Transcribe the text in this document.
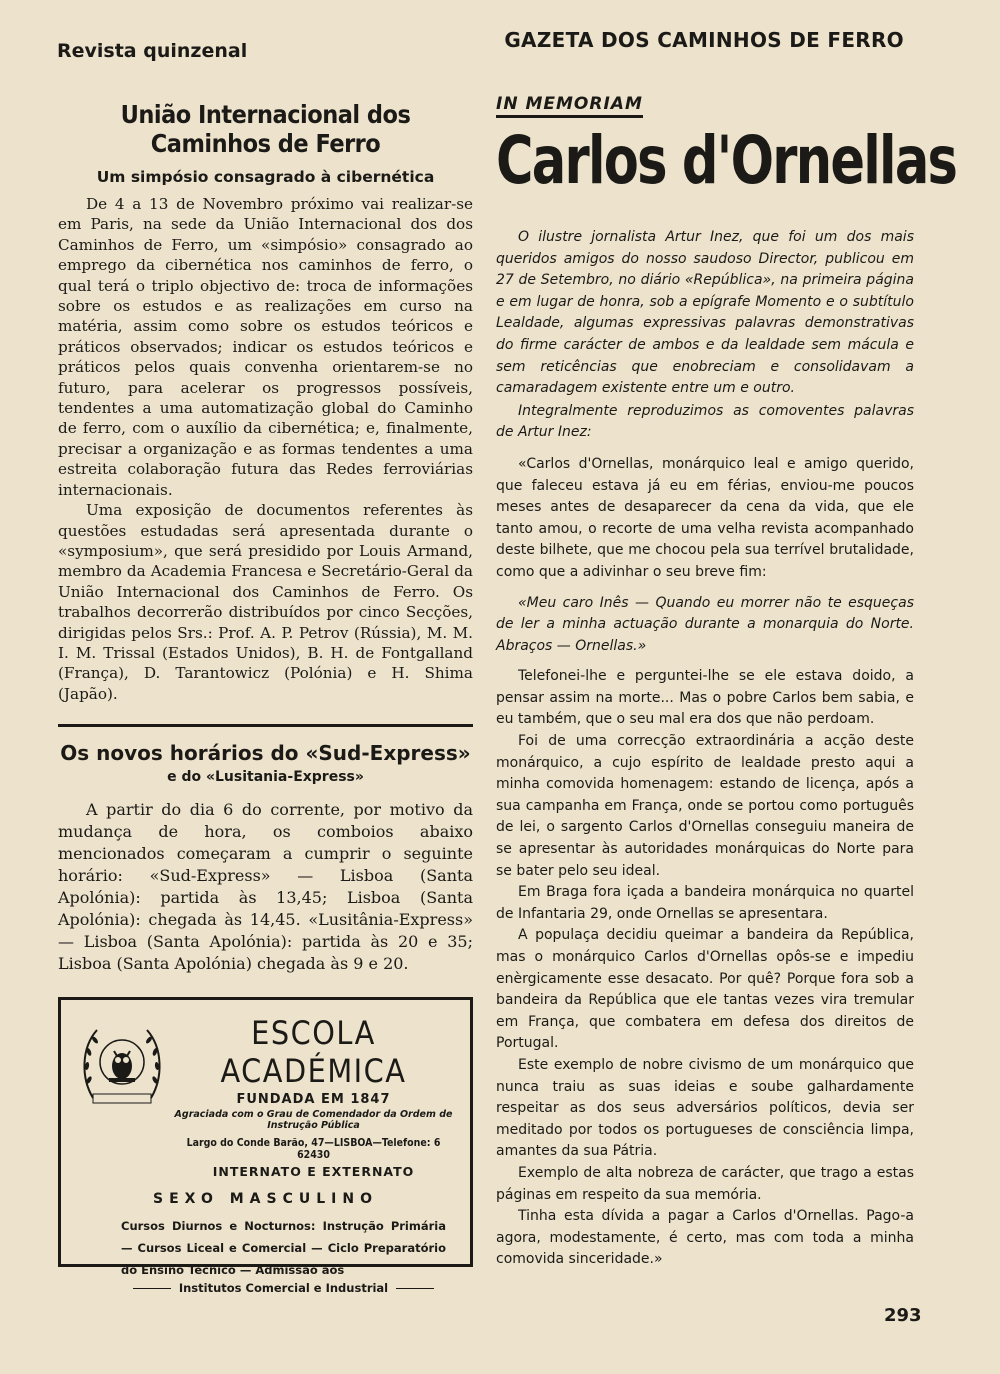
Revista quinzenal	GAZETA DOS CAMINHOS DE FERRO
União Internacional dos Caminhos de Ferro
Um simpósio consagrado à cibernética

De 4 a 13 de Novembro próximo vai realizar-se em Paris, na sede da União Internacional dos dos Caminhos de Ferro, um «simpósio» consagrado ao emprego da cibernética nos caminhos de ferro, o qual terá o triplo objectivo de: troca de informações sobre os estudos e as realizações em curso na matéria, assim como sobre os estudos teóricos e práticos observados; indicar os estudos teóricos e práticos pelos quais convenha orientarem-se no futuro, para acelerar os progressos possíveis, tendentes a uma automatização global do Caminho de ferro, com o auxílio da cibernética; e, finalmente, precisar a organização e as formas tendentes a uma estreita colaboração futura das Redes ferroviárias internacionais.

Uma exposição de documentos referentes às questões estudadas será apresentada durante o «symposium», que será presidido por Louis Armand, membro da Academia Francesa e Secretário-Geral da União Internacional dos Caminhos de Ferro. Os trabalhos decorrerão distribuídos por cinco Secções, dirigidas pelos Srs.: Prof. A. P. Petrov (Rússia), M. M. I. M. Trissal (Estados Unidos), B. H. de Fontgalland (França), D. Tarantowicz (Polónia) e H. Shima (Japão).

Os novos horários do «Sud-Express»
e do «Lusitania-Express»

A partir do dia 6 do corrente, por motivo da mudança de hora, os comboios abaixo mencionados começaram a cumprir o seguinte horário: «Sud-Express» — Lisboa (Santa Apolónia): partida às 13,45; Lisboa (Santa Apolónia): chegada às 14,45. «Lusitânia-Express» — Lisboa (Santa Apolónia): partida às 20 e 35; Lisboa (Santa Apolónia) chegada às 9 e 20.

ESCOLA ACADÉMICA
FUNDADA EM 1847
Agraciada com o Grau de Comendador da Ordem de Instrução Pública
Largo do Conde Barão, 47—LISBOA—Telefone: 6 62430
INTERNATO E EXTERNATO
SEXO MASCULINO
Cursos Diurnos e Nocturnos: Instrução Primária — Cursos Liceal e Comercial — Ciclo Preparatório do Ensino Técnico — Admissão aos
Institutos Comercial e Industrial
IN MEMORIAM
Carlos d'Ornellas

O ilustre jornalista Artur Inez, que foi um dos mais queridos amigos do nosso saudoso Director, publicou em 27 de Setembro, no diário «República», na primeira página e em lugar de honra, sob a epígrafe Momento e o subtítulo Lealdade, algumas expressivas palavras demonstrativas do firme carácter de ambos e da lealdade sem mácula e sem reticências que enobreciam e consolidavam a camaradagem existente entre um e outro.

Integralmente reproduzimos as comoventes palavras de Artur Inez:

«Carlos d'Ornellas, monárquico leal e amigo querido, que faleceu estava já eu em férias, enviou-me poucos meses antes de desaparecer da cena da vida, que ele tanto amou, o recorte de uma velha revista acompanhado deste bilhete, que me chocou pela sua terrível brutalidade, como que a adivinhar o seu breve fim:

«Meu caro Inês — Quando eu morrer não te esqueças de ler a minha actuação durante a monarquia do Norte. Abraços — Ornellas.»

Telefonei-lhe e perguntei-lhe se ele estava doido, a pensar assim na morte... Mas o pobre Carlos bem sabia, e eu também, que o seu mal era dos que não perdoam.

Foi de uma correcção extraordinária a acção deste monárquico, a cujo espírito de lealdade presto aqui a minha comovida homenagem: estando de licença, após a sua campanha em França, onde se portou como português de lei, o sargento Carlos d'Ornellas conseguiu maneira de se apresentar às autoridades monárquicas do Norte para se bater pelo seu ideal.

Em Braga fora içada a bandeira monárquica no quartel de Infantaria 29, onde Ornellas se apresentara.

A populaça decidiu queimar a bandeira da República, mas o monárquico Carlos d'Ornellas opôs-se e impediu enèrgicamente esse desacato. Por quê? Porque fora sob a bandeira da República que ele tantas vezes vira tremular em França, que combatera em defesa dos direitos de Portugal.

Este exemplo de nobre civismo de um monárquico que nunca traiu as suas ideias e soube galhardamente respeitar as dos seus adversários políticos, devia ser meditado por todos os portugueses de consciência limpa, amantes da sua Pátria.

Exemplo de alta nobreza de carácter, que trago a estas páginas em respeito da sua memória.

Tinha esta dívida a pagar a Carlos d'Ornellas. Pago-a agora, modestamente, é certo, mas com toda a minha comovida sinceridade.»

293
